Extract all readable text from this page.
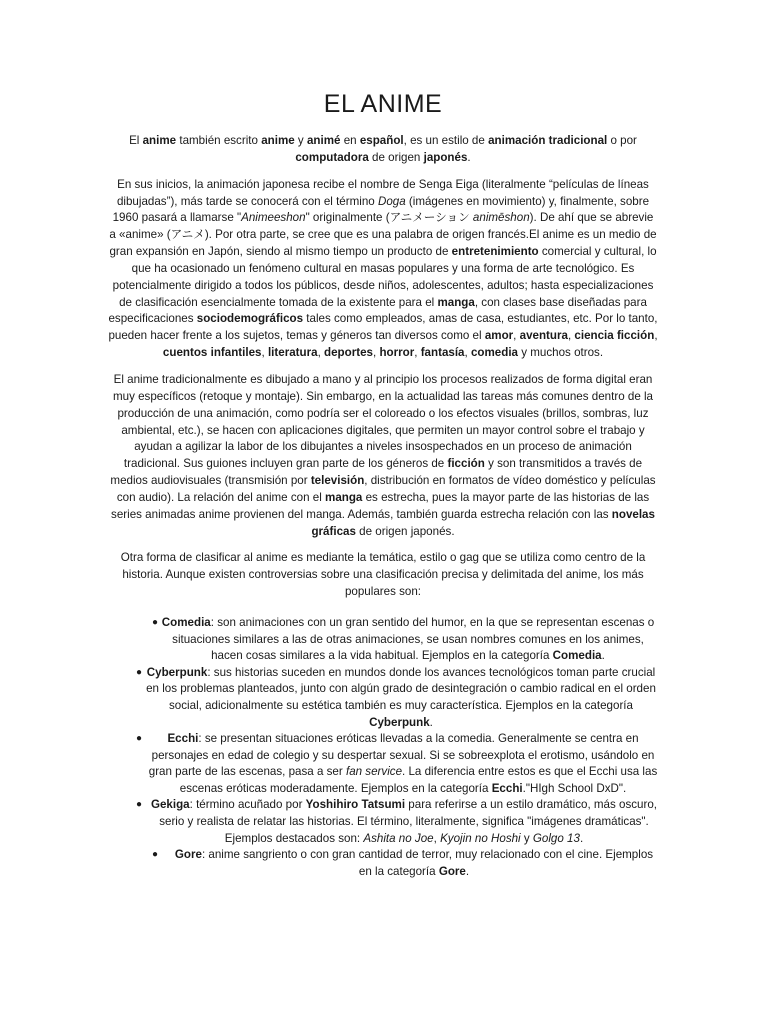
EL ANIME

El anime también escrito anime y animé en español, es un estilo de animación tradicional o por computadora de origen japonés.

En sus inicios, la animación japonesa recibe el nombre de Senga Eiga (literalmente “películas de líneas dibujadas”), más tarde se conocerá con el término Doga (imágenes en movimiento) y, finalmente, sobre 1960 pasará a llamarse "Animeeshon" originalmente (アニメーション animēshon). De ahí que se abrevie a «anime» (アニメ). Por otra parte, se cree que es una palabra de origen francés.El anime es un medio de gran expansión en Japón, siendo al mismo tiempo un producto de entretenimiento comercial y cultural, lo que ha ocasionado un fenómeno cultural en masas populares y una forma de arte tecnológico. Es potencialmente dirigido a todos los públicos, desde niños, adolescentes, adultos; hasta especializaciones de clasificación esencialmente tomada de la existente para el manga, con clases base diseñadas para especificaciones sociodemográficos tales como empleados, amas de casa, estudiantes, etc. Por lo tanto, pueden hacer frente a los sujetos, temas y géneros tan diversos como el amor, aventura, ciencia ficción, cuentos infantiles, literatura, deportes, horror, fantasía, comedia y muchos otros.

El anime tradicionalmente es dibujado a mano y al principio los procesos realizados de forma digital eran muy específicos (retoque y montaje). Sin embargo, en la actualidad las tareas más comunes dentro de la producción de una animación, como podría ser el coloreado o los efectos visuales (brillos, sombras, luz ambiental, etc.), se hacen con aplicaciones digitales, que permiten un mayor control sobre el trabajo y ayudan a agilizar la labor de los dibujantes a niveles insospechados en un proceso de animación tradicional. Sus guiones incluyen gran parte de los géneros de ficción y son transmitidos a través de medios audiovisuales (transmisión por televisión, distribución en formatos de vídeo doméstico y películas con audio). La relación del anime con el manga es estrecha, pues la mayor parte de las historias de las series animadas anime provienen del manga. Además, también guarda estrecha relación con las novelas gráficas de origen japonés.

Otra forma de clasificar al anime es mediante la temática, estilo o gag que se utiliza como centro de la historia. Aunque existen controversias sobre una clasificación precisa y delimitada del anime, los más populares son:

● Comedia: son animaciones con un gran sentido del humor, en la que se representan escenas o situaciones similares a las de otras animaciones, se usan nombres comunes en los animes, hacen cosas similares a la vida habitual. Ejemplos en la categoría Comedia.
● Cyberpunk: sus historias suceden en mundos donde los avances tecnológicos toman parte crucial en los problemas planteados, junto con algún grado de desintegración o cambio radical en el orden social, adicionalmente su estética también es muy característica. Ejemplos en la categoría Cyberpunk.
● Ecchi: se presentan situaciones eróticas llevadas a la comedia. Generalmente se centra en personajes en edad de colegio y su despertar sexual. Si se sobreexplota el erotismo, usándolo en gran parte de las escenas, pasa a ser fan service. La diferencia entre estos es que el Ecchi usa las escenas eróticas moderadamente. Ejemplos en la categoría Ecchi."HIgh School DxD".
● Gekiga: término acuñado por Yoshihiro Tatsumi para referirse a un estilo dramático, más oscuro, serio y realista de relatar las historias. El término, literalmente, significa "imágenes dramáticas". Ejemplos destacados son: Ashita no Joe, Kyojin no Hoshi y Golgo 13.
● Gore: anime sangriento o con gran cantidad de terror, muy relacionado con el cine. Ejemplos en la categoría Gore.
